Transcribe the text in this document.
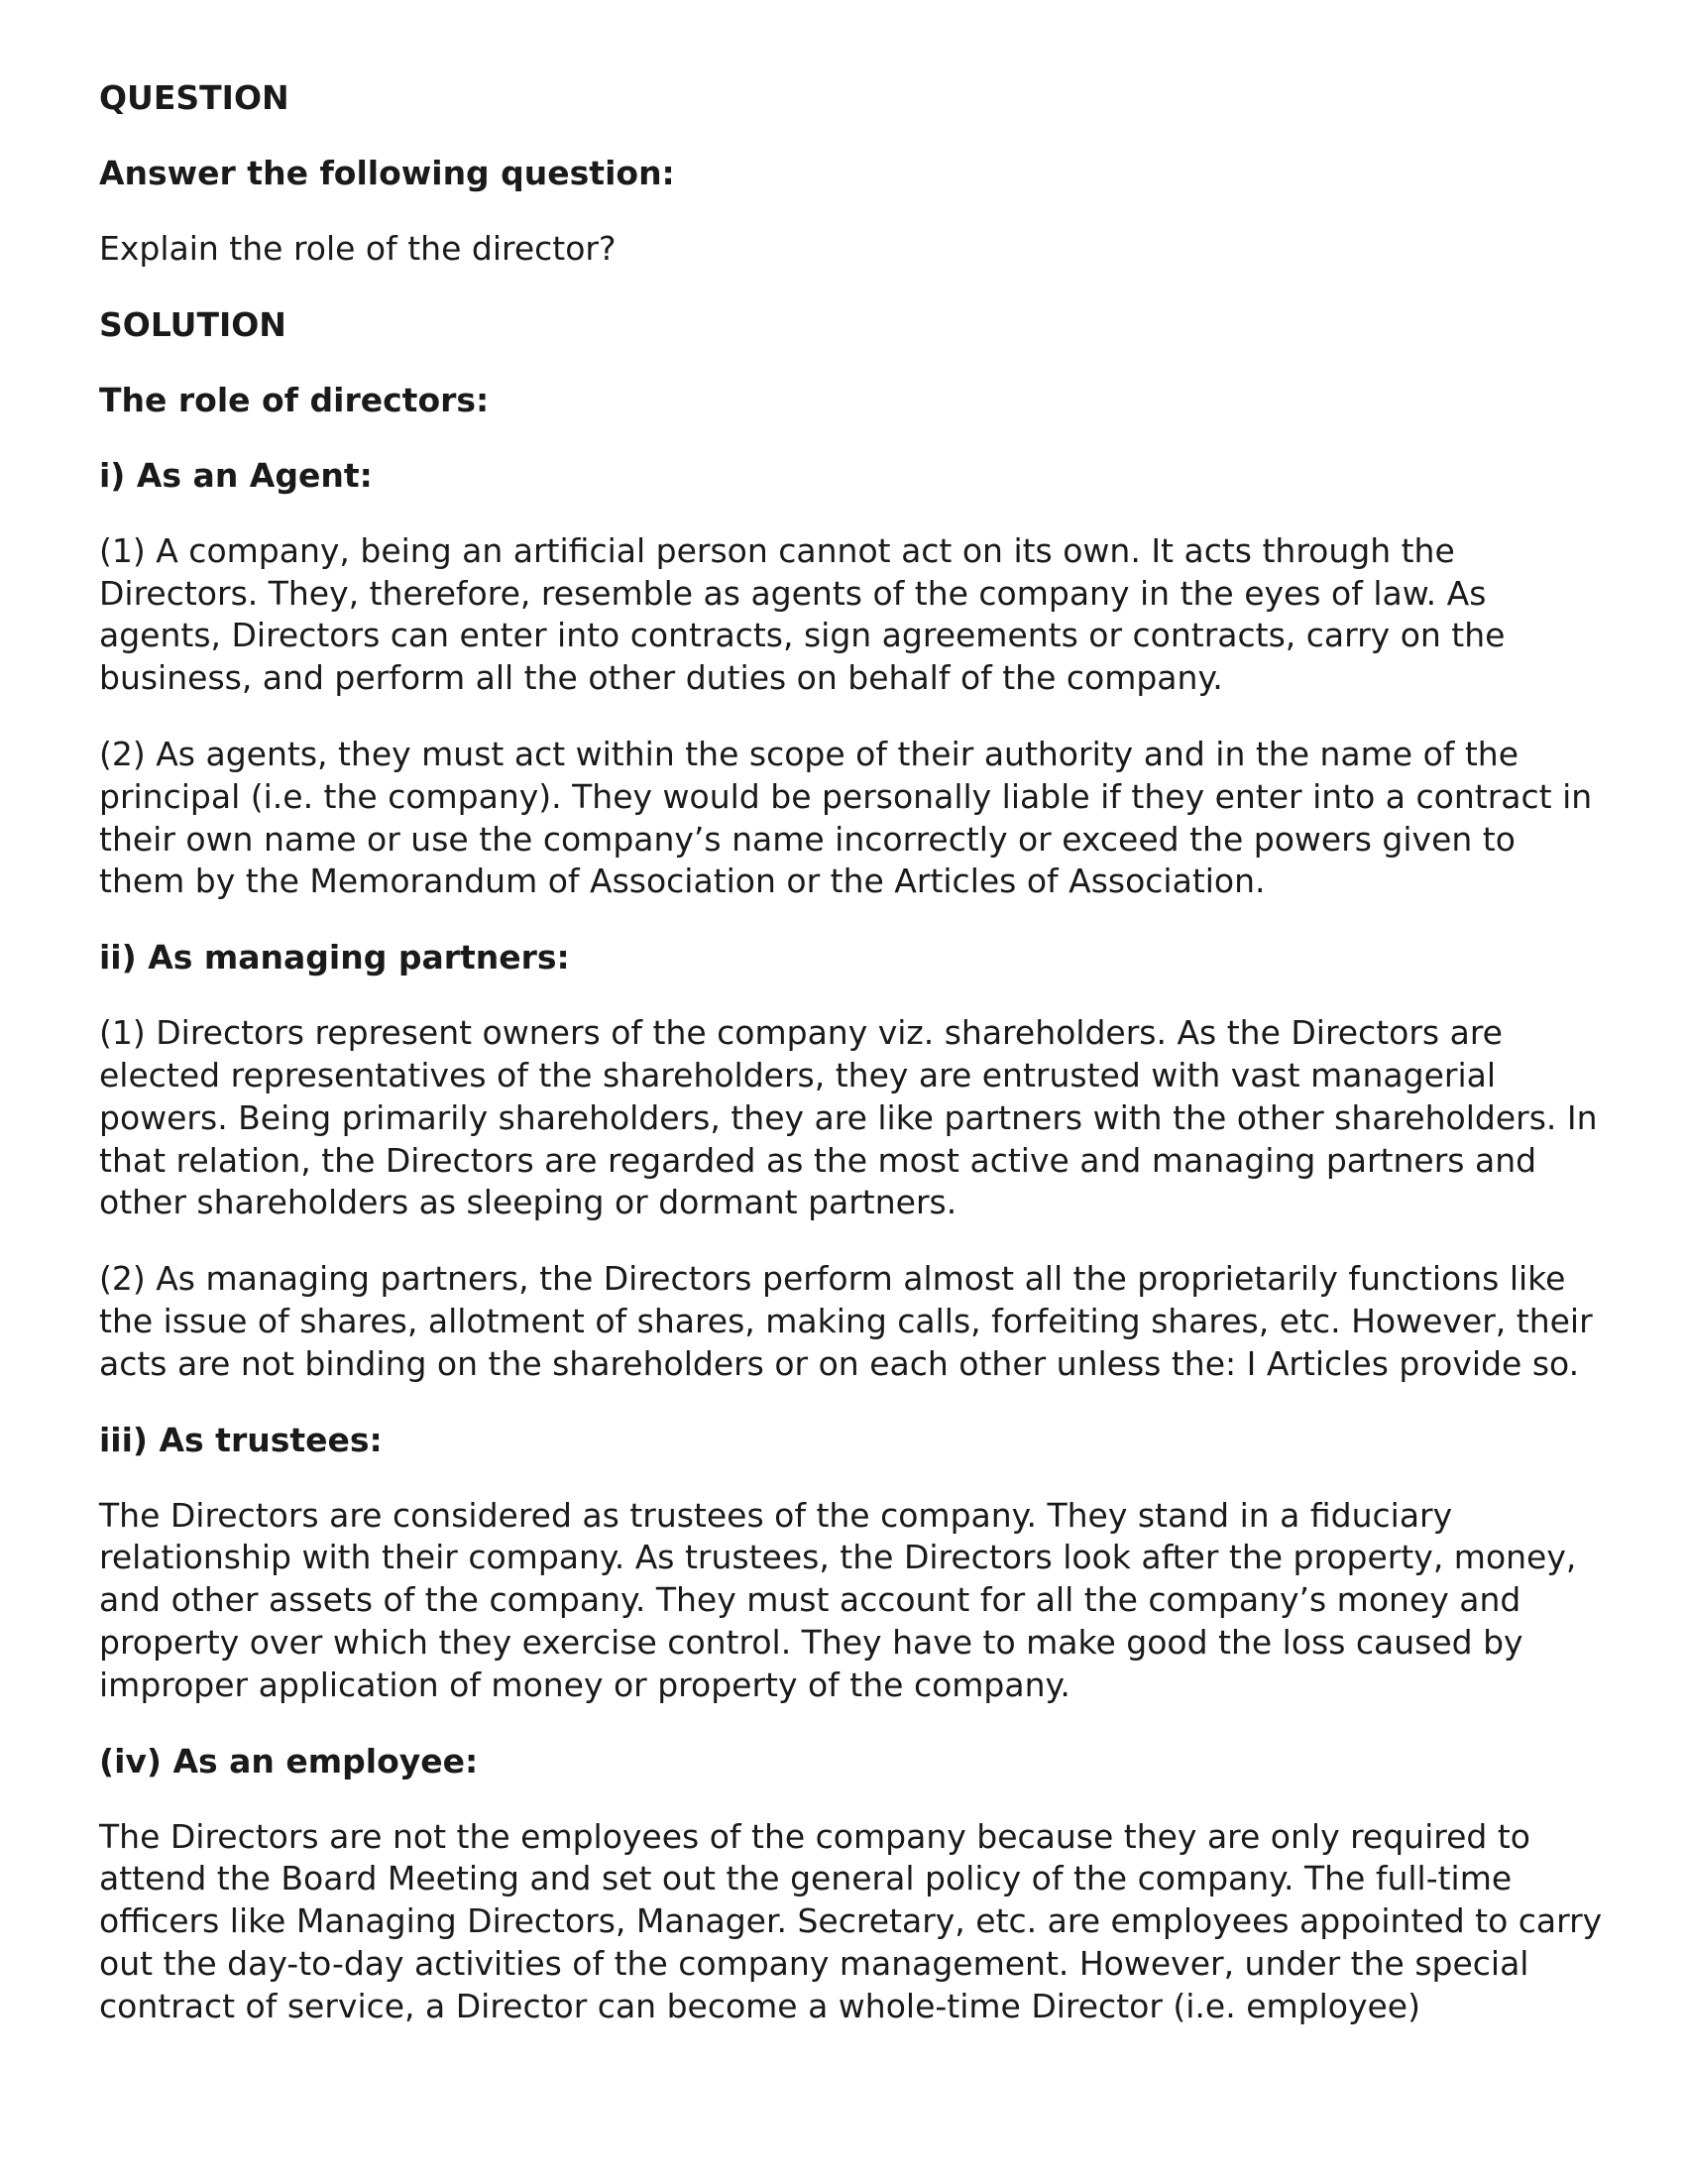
QUESTION
Answer the following question:
Explain the role of the director?
SOLUTION
The role of directors:
i) As an Agent:
(1) A company, being an artificial person cannot act on its own. It acts through the Directors. They, therefore, resemble as agents of the company in the eyes of law. As agents, Directors can enter into contracts, sign agreements or contracts, carry on the business, and perform all the other duties on behalf of the company.
(2) As agents, they must act within the scope of their authority and in the name of the principal (i.e. the company). They would be personally liable if they enter into a contract in their own name or use the company’s name incorrectly or exceed the powers given to them by the Memorandum of Association or the Articles of Association.
ii) As managing partners:
(1) Directors represent owners of the company viz. shareholders. As the Directors are elected representatives of the shareholders, they are entrusted with vast managerial powers. Being primarily shareholders, they are like partners with the other shareholders. In that relation, the Directors are regarded as the most active and managing partners and other shareholders as sleeping or dormant partners.
(2) As managing partners, the Directors perform almost all the proprietarily functions like the issue of shares, allotment of shares, making calls, forfeiting shares, etc. However, their acts are not binding on the shareholders or on each other unless the: I Articles provide so.
iii) As trustees:
The Directors are considered as trustees of the company. They stand in a fiduciary relationship with their company. As trustees, the Directors look after the property, money, and other assets of the company. They must account for all the company’s money and property over which they exercise control. They have to make good the loss caused by improper application of money or property of the company.
(iv) As an employee:
The Directors are not the employees of the company because they are only required to attend the Board Meeting and set out the general policy of the company. The full-time officers like Managing Directors, Manager. Secretary, etc. are employees appointed to carry out the day-to-day activities of the company management. However, under the special contract of service, a Director can become a whole-time Director (i.e. employee)
